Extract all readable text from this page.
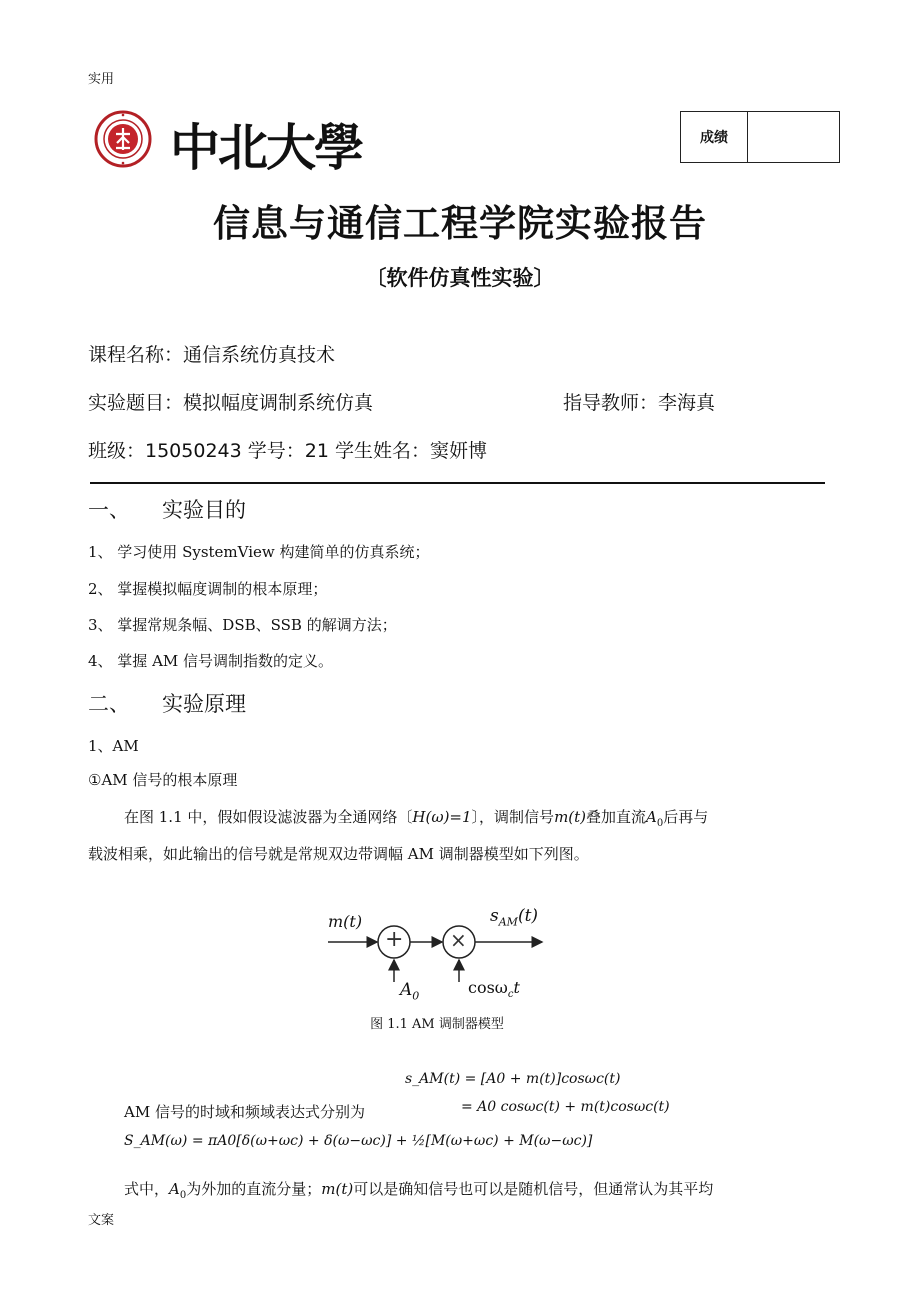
实用
中北大學	成绩
信息与通信工程学院实验报告
〔软件仿真性实验〕
课程名称：通信系统仿真技术
实验题目：模拟幅度调制系统仿真	指导教师：李海真
班级：15050243 学号：21 学生姓名：窦妍博
一、 实验目的
1、 学习使用 SystemView 构建简单的仿真系统；
2、 掌握模拟幅度调制的根本原理；
3、 掌握常规条幅、DSB、SSB 的解调方法；
4、 掌握 AM 信号调制指数的定义。
二、 实验原理
1、AM
①AM 信号的根本原理
在图 1.1 中，假如假设滤波器为全通网络〔H(ω)=1〕，调制信号m(t)叠加直流$A_0$后再与
载波相乘，如此输出的信号就是常规双边带调幅 AM 调制器模型如下列图。
+ ×
m(t)	$s_{AM}(t)$
$A_0$	cosω$_c$t
图 1.1 AM 调制器模型
AM 信号的时域和频域表达式分别为
s_AM(t) = [A0 + m(t)]cosωc(t)
= A0 cosωc(t) + m(t)cosωc(t)
S_AM(ω) = πA0[δ(ω+ωc) + δ(ω−ωc)] + ½[M(ω+ωc) + M(ω−ωc)]
式中，$A_0$为外加的直流分量；m(t)可以是确知信号也可以是随机信号，但通常认为其平均
文案
